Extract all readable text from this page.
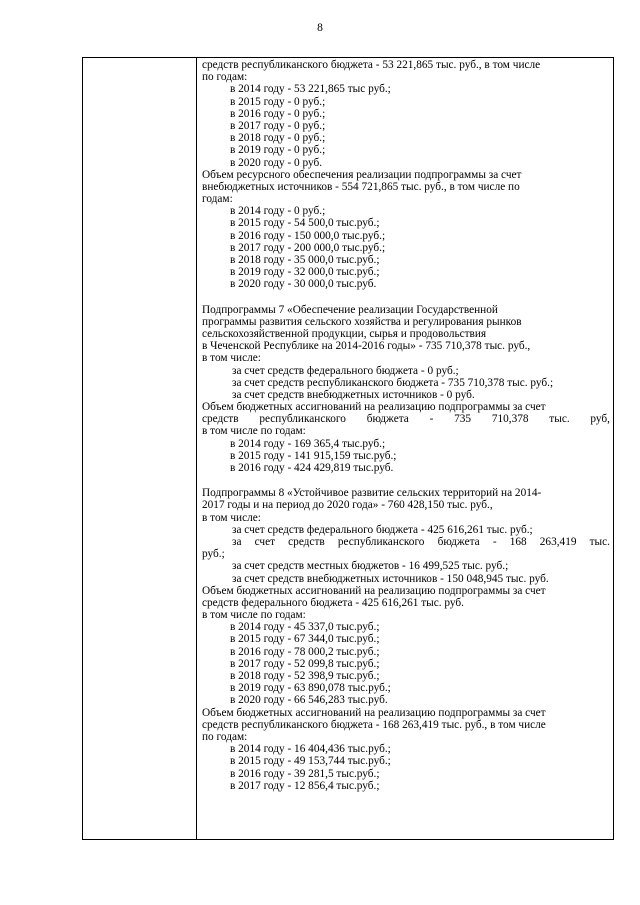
8
средств республиканского бюджета - 53 221,865 тыс. руб., в том числе
по годам:
в 2014 году - 53 221,865 тыс руб.;
в 2015 году - 0 руб.;
в 2016 году - 0 руб.;
в 2017 году - 0 руб.;
в 2018 году - 0 руб.;
в 2019 году - 0 руб.;
в 2020 году - 0 руб.
Объем ресурсного обеспечения реализации подпрограммы за счет
внебюджетных источников - 554 721,865 тыс. руб., в том числе по
годам:
в 2014 году - 0 руб.;
в 2015 году - 54 500,0 тыс.руб.;
в 2016 году - 150 000,0 тыс.руб.;
в 2017 году - 200 000,0 тыс.руб.;
в 2018 году - 35 000,0 тыс.руб.;
в 2019 году - 32 000,0 тыс.руб.;
в 2020 году - 30 000,0 тыс.руб.
Подпрограммы 7 «Обеспечение реализации Государственной
программы развития сельского хозяйства и регулирования рынков
сельскохозяйственной продукции, сырья и продовольствия
в Чеченской Республике на 2014-2016 годы» - 735 710,378 тыс. руб.,
в том числе:
за счет средств федерального бюджета - 0 руб.;
за счет средств республиканского бюджета - 735 710,378 тыс. руб.;
за счет средств внебюджетных источников - 0 руб.
Объем бюджетных ассигнований на реализацию подпрограммы за счет
средств республиканского бюджета - 735 710,378 тыс. руб,
в том числе по годам:
в 2014 году - 169 365,4 тыс.руб.;
в 2015 году - 141 915,159 тыс.руб.;
в 2016 году - 424 429,819 тыс.руб.
Подпрограммы 8 «Устойчивое развитие сельских территорий на 2014-
2017 годы и на период до 2020 года» - 760 428,150 тыс. руб.,
в том числе:
за счет средств федерального бюджета - 425 616,261 тыс. руб.;
за счет средств республиканского бюджета - 168 263,419 тыс.
руб.;
за счет средств местных бюджетов - 16 499,525 тыс. руб.;
за счет средств внебюджетных источников - 150 048,945 тыс. руб.
Объем бюджетных ассигнований на реализацию подпрограммы за счет
средств федерального бюджета - 425 616,261 тыс. руб.
в том числе по годам:
в 2014 году - 45 337,0 тыс.руб.;
в 2015 году - 67 344,0 тыс.руб.;
в 2016 году - 78 000,2 тыс.руб.;
в 2017 году - 52 099,8 тыс.руб.;
в 2018 году - 52 398,9 тыс.руб.;
в 2019 году - 63 890,078 тыс.руб.;
в 2020 году - 66 546,283 тыс.руб.
Объем бюджетных ассигнований на реализацию подпрограммы за счет
средств республиканского бюджета - 168 263,419 тыс. руб., в том числе
по годам:
в 2014 году - 16 404,436 тыс.руб.;
в 2015 году - 49 153,744 тыс.руб.;
в 2016 году - 39 281,5 тыс.руб.;
в 2017 году - 12 856,4 тыс.руб.;
